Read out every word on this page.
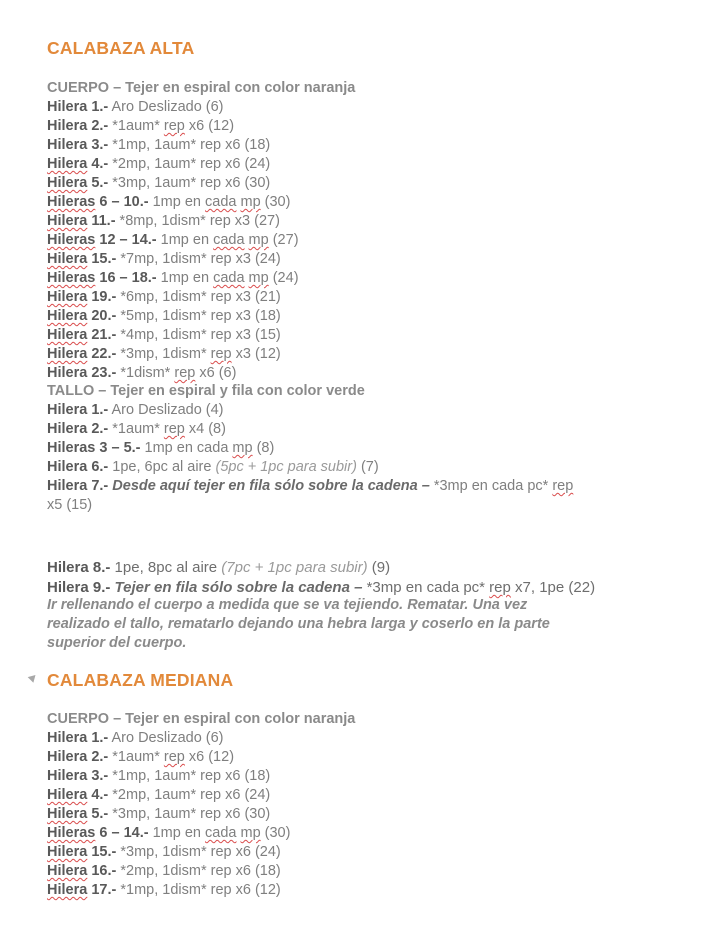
CALABAZA ALTA
CUERPO – Tejer en espiral con color naranja
Hilera 1.- Aro Deslizado (6)
Hilera 2.- *1aum* rep x6 (12)
Hilera 3.- *1mp, 1aum* rep x6 (18)
Hilera 4.- *2mp, 1aum* rep x6 (24)
Hilera 5.- *3mp, 1aum* rep x6 (30)
Hileras 6 – 10.- 1mp en cada mp (30)
Hilera 11.- *8mp, 1dism* rep x3 (27)
Hileras 12 – 14.- 1mp en cada mp (27)
Hilera 15.- *7mp, 1dism* rep x3 (24)
Hileras 16 – 18.- 1mp en cada mp (24)
Hilera 19.- *6mp, 1dism* rep x3 (21)
Hilera 20.- *5mp, 1dism* rep x3 (18)
Hilera 21.- *4mp, 1dism* rep x3 (15)
Hilera 22.- *3mp, 1dism* rep x3 (12)
Hilera 23.- *1dism* rep x6 (6)
TALLO – Tejer en espiral y fila con color verde
Hilera 1.- Aro Deslizado (4)
Hilera 2.- *1aum* rep x4 (8)
Hileras 3 – 5.- 1mp en cada mp (8)
Hilera 6.- 1pe, 6pc al aire (5pc + 1pc para subir) (7)
Hilera 7.- Desde aquí tejer en fila sólo sobre la cadena – *3mp en cada pc* rep
x5 (15)
Hilera 8.- 1pe, 8pc al aire (7pc + 1pc para subir) (9)
Hilera 9.- Tejer en fila sólo sobre la cadena – *3mp en cada pc* rep x7, 1pe (22)
Ir rellenando el cuerpo a medida que se va tejiendo. Rematar. Una vez
realizado el tallo, rematarlo dejando una hebra larga y coserlo en la parte
superior del cuerpo.
CALABAZA MEDIANA
CUERPO – Tejer en espiral con color naranja
Hilera 1.- Aro Deslizado (6)
Hilera 2.- *1aum* rep x6 (12)
Hilera 3.- *1mp, 1aum* rep x6 (18)
Hilera 4.- *2mp, 1aum* rep x6 (24)
Hilera 5.- *3mp, 1aum* rep x6 (30)
Hileras 6 – 14.- 1mp en cada mp (30)
Hilera 15.- *3mp, 1dism* rep x6 (24)
Hilera 16.- *2mp, 1dism* rep x6 (18)
Hilera 17.- *1mp, 1dism* rep x6 (12)
